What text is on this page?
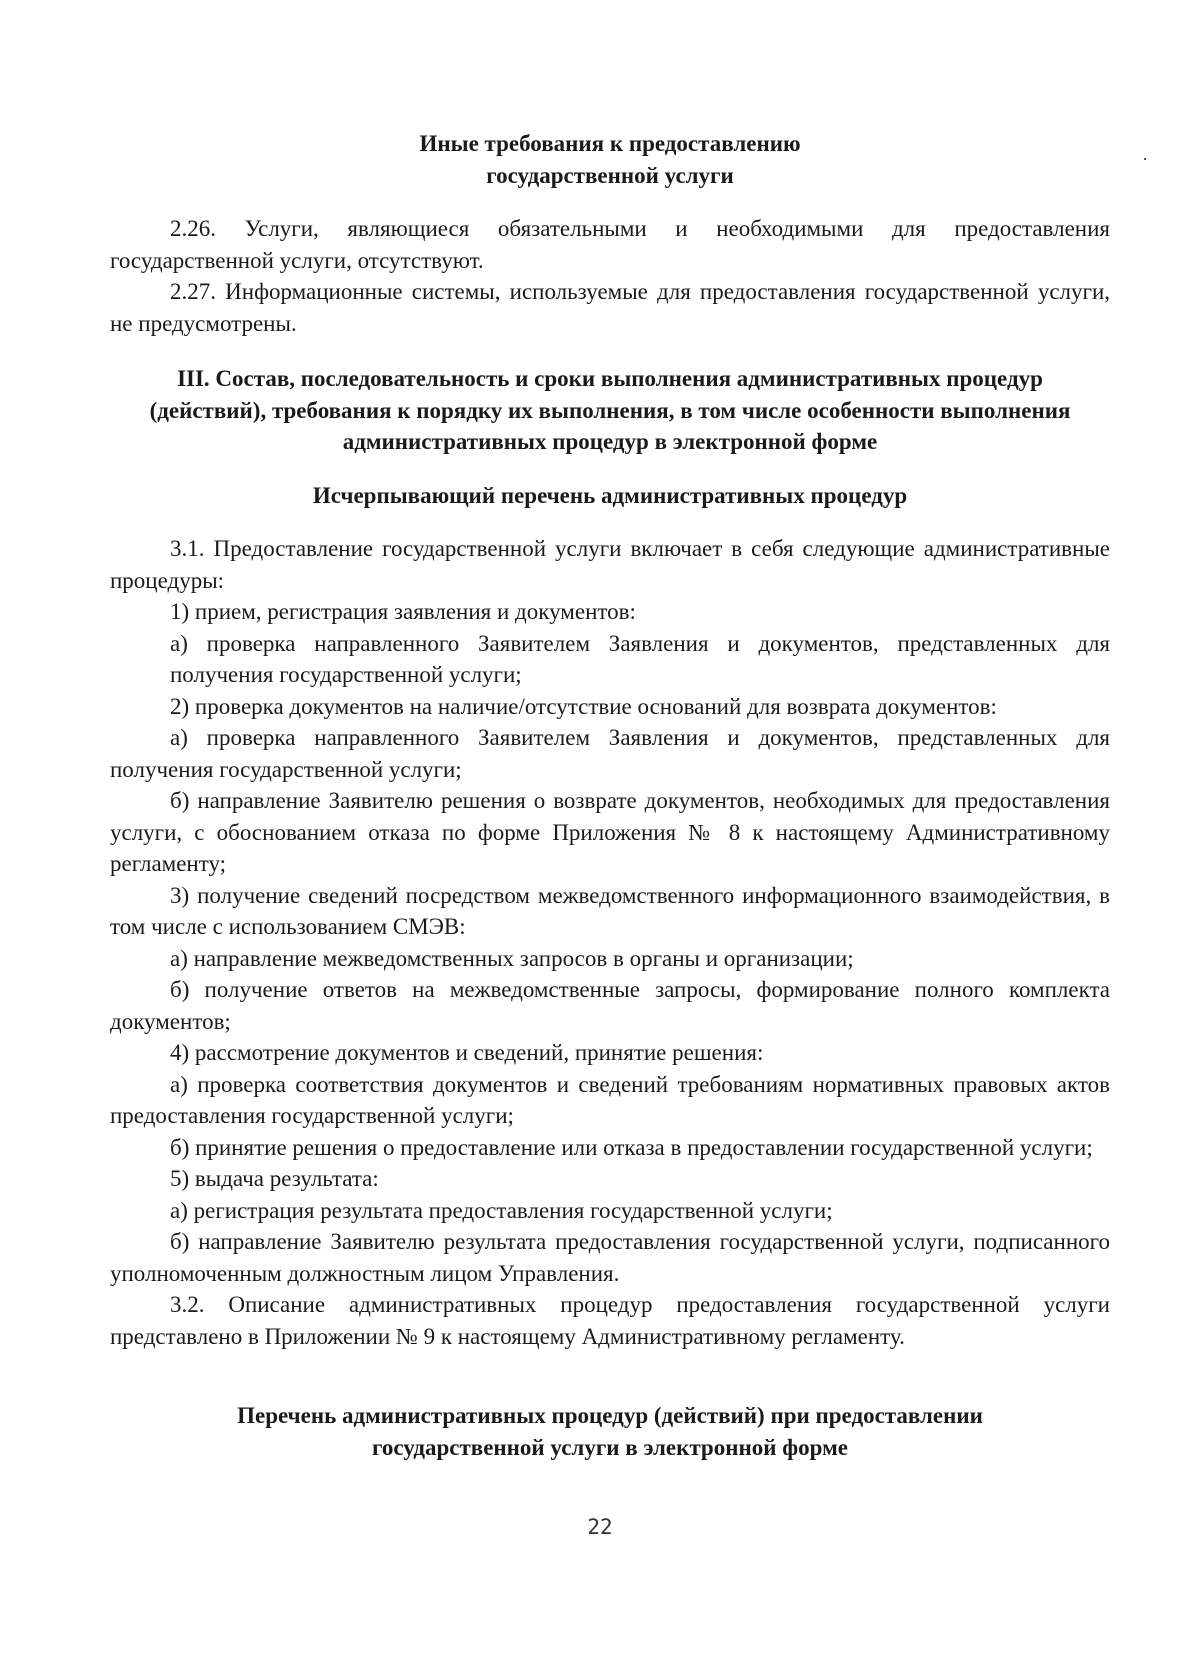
Иные требования к предоставлению государственной услуги

2.26. Услуги, являющиеся обязательными и необходимыми для предоставления государственной услуги, отсутствуют.

2.27. Информационные системы, используемые для предоставления государственной услуги, не предусмотрены.

III. Состав, последовательность и сроки выполнения административных процедур (действий), требования к порядку их выполнения, в том числе особенности выполнения административных процедур в электронной форме
Исчерпывающий перечень административных процедур

3.1. Предоставление государственной услуги включает в себя следующие административные процедуры:

1) прием, регистрация заявления и документов:

а) проверка направленного Заявителем Заявления и документов, представленных для получения государственной услуги;

2) проверка документов на наличие/отсутствие оснований для возврата документов:

а) проверка направленного Заявителем Заявления и документов, представленных для получения государственной услуги;

б) направление Заявителю решения о возврате документов, необходимых для предоставления услуги, с обоснованием отказа по форме Приложения № 8 к настоящему Административному регламенту;

3) получение сведений посредством межведомственного информационного взаимодействия, в том числе с использованием СМЭВ:

а) направление межведомственных запросов в органы и организации;

б) получение ответов на межведомственные запросы, формирование полного комплекта документов;

4) рассмотрение документов и сведений, принятие решения:

а) проверка соответствия документов и сведений требованиям нормативных правовых актов предоставления государственной услуги;

б) принятие решения о предоставление или отказа в предоставлении государственной услуги;

5) выдача результата:

а) регистрация результата предоставления государственной услуги;

б) направление Заявителю результата предоставления государственной услуги, подписанного уполномоченным должностным лицом Управления.

3.2. Описание административных процедур предоставления государственной услуги представлено в Приложении № 9 к настоящему Административному регламенту.

Перечень административных процедур (действий) при предоставлении государственной услуги в электронной форме
22
